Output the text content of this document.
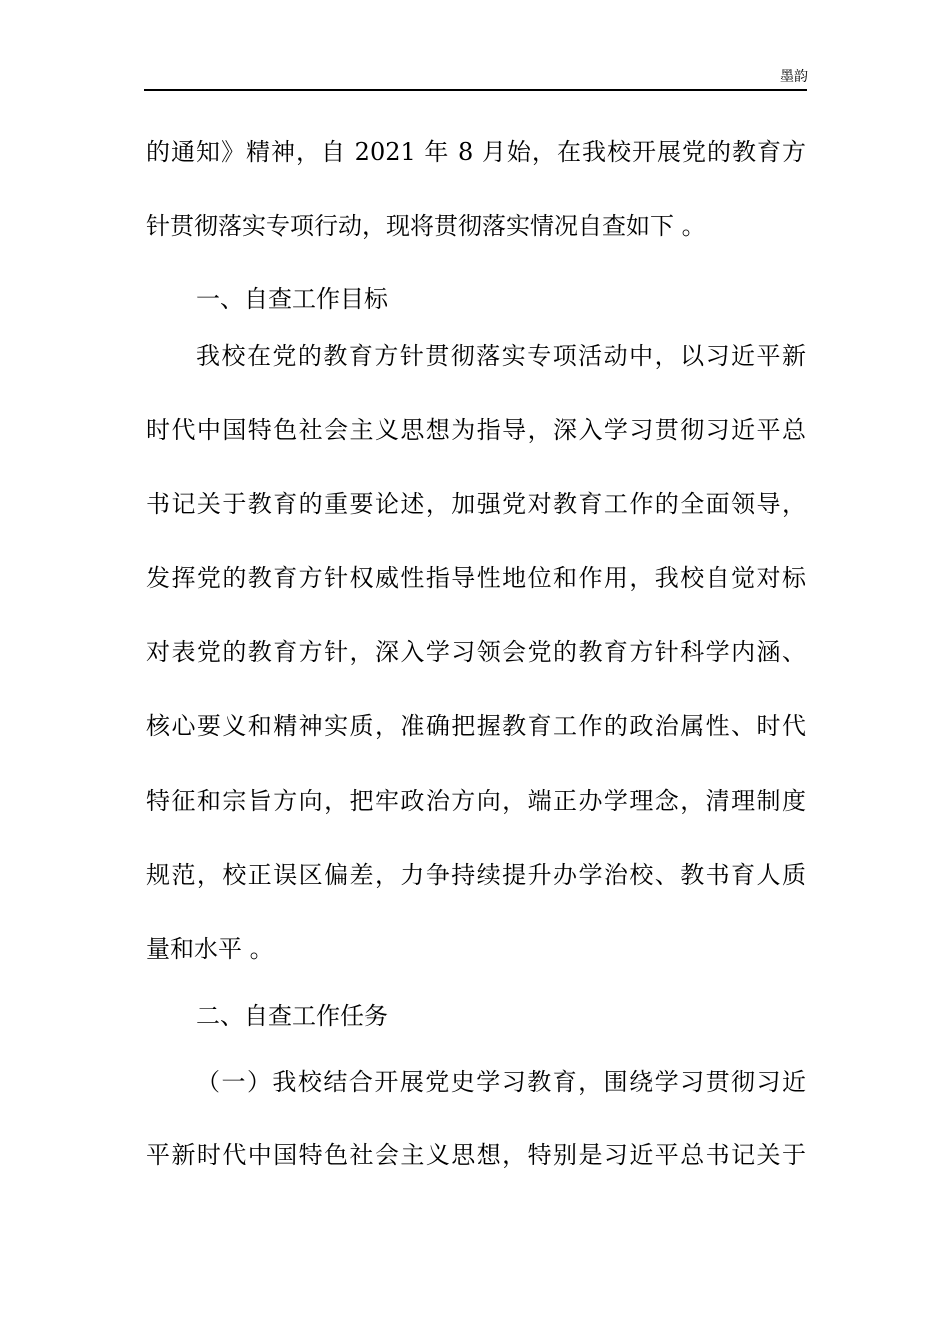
墨韵
的通知》精神，自 2021 年 8 月始，在我校开展党的教育方
针贯彻落实专项行动，现将贯彻落实情况自查如下 。
一、自查工作目标
我校在党的教育方针贯彻落实专项活动中，以习近平新
时代中国特色社会主义思想为指导，深入学习贯彻习近平总
书记关于教育的重要论述，加强党对教育工作的全面领导，
发挥党的教育方针权威性指导性地位和作用，我校自觉对标
对表党的教育方针，深入学习领会党的教育方针科学内涵、
核心要义和精神实质，准确把握教育工作的政治属性、时代
特征和宗旨方向，把牢政治方向，端正办学理念，清理制度
规范，校正误区偏差，力争持续提升办学治校、教书育人质
量和水平 。
二、自查工作任务
（一）我校结合开展党史学习教育，围绕学习贯彻习近
平新时代中国特色社会主义思想，特别是习近平总书记关于
